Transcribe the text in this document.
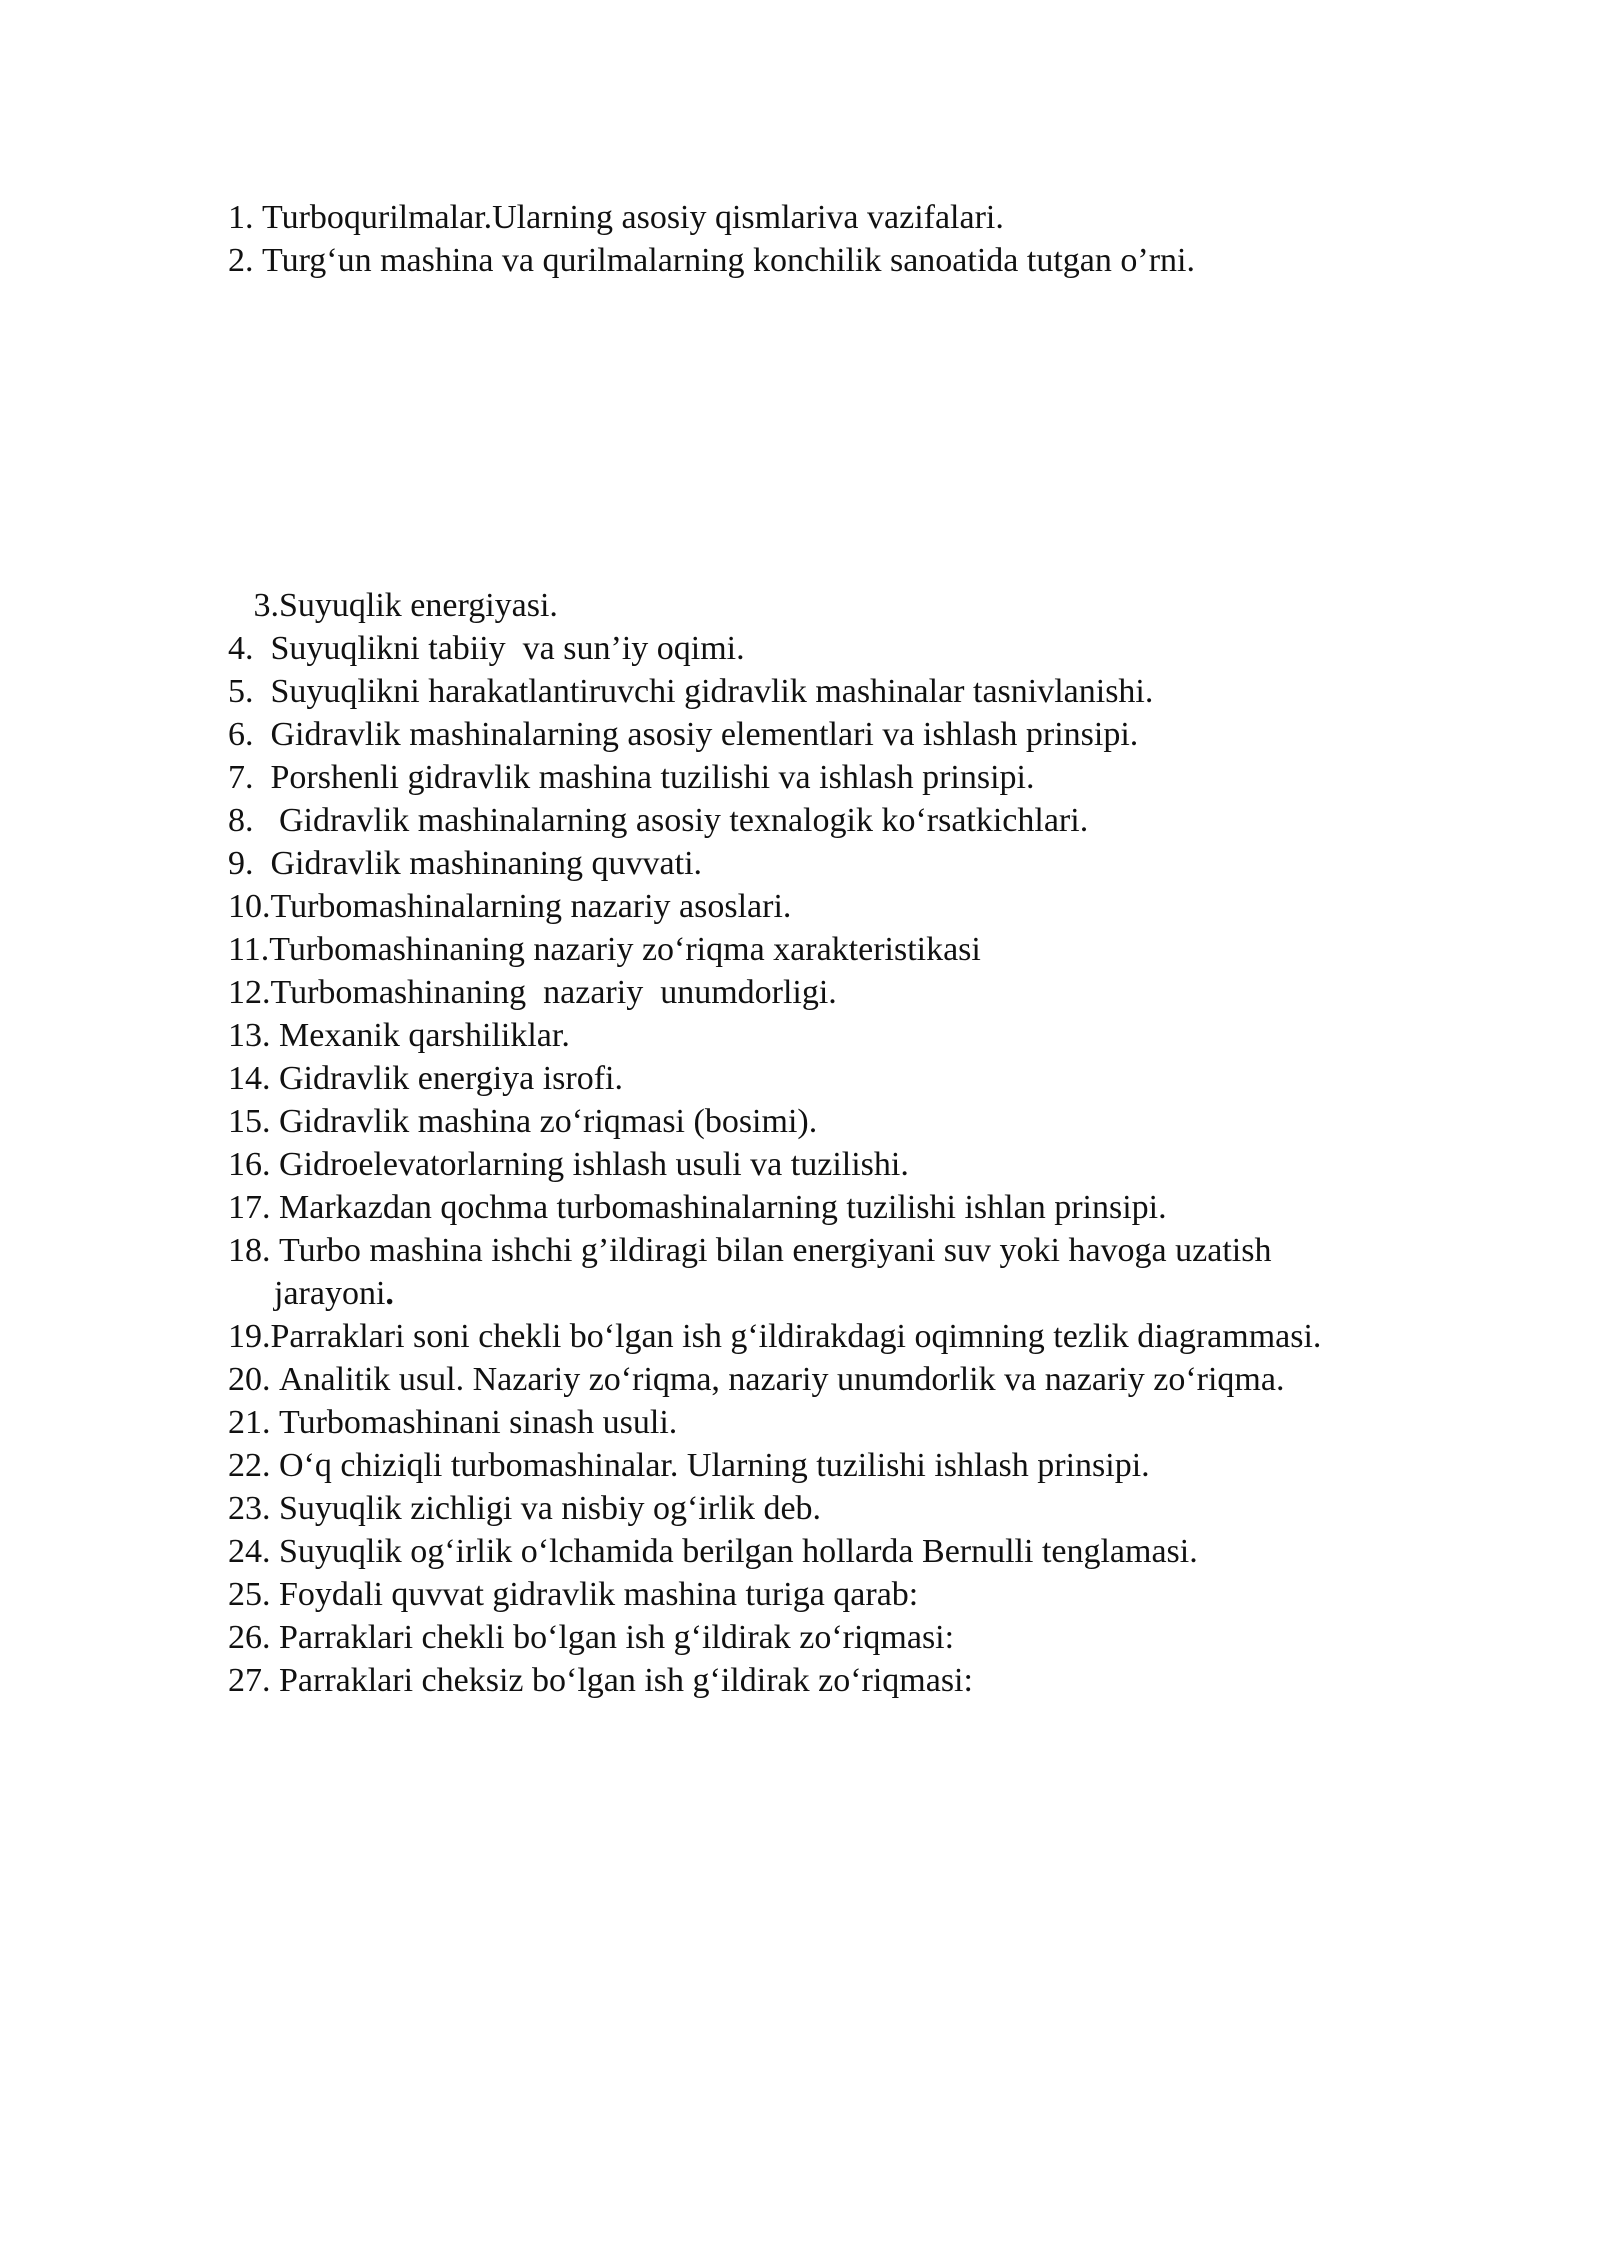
1. Turboqurilmalar.Ularning asosiy qismlariva vazifalari.
2. Turg‘un mashina va qurilmalarning konchilik sanoatida tutgan o’rni.
3.Suyuqlik energiyasi.
4.  Suyuqlikni tabiiy  va sun’iy oqimi.
5.  Suyuqlikni harakatlantiruvchi gidravlik mashinalar tasnivlanishi.
6.  Gidravlik mashinalarning asosiy elementlari va ishlash prinsipi.
7.  Porshenli gidravlik mashina tuzilishi va ishlash prinsipi.
8.   Gidravlik mashinalarning asosiy texnalogik ko‘rsatkichlari.
9.  Gidravlik mashinaning quvvati.
10.Turbomashinalarning nazariy asoslari.
11.Turbomashinaning nazariy zo‘riqma xarakteristikasi
12.Turbomashinaning  nazariy  unumdorligi.
13. Mexanik qarshiliklar.
14. Gidravlik energiya isrofi.
15. Gidravlik mashina zo‘riqmasi (bosimi).
16. Gidroelevatorlarning ishlash usuli va tuzilishi.
17. Markazdan qochma turbomashinalarning tuzilishi ishlan prinsipi.
18. Turbo mashina ishchi g’ildiragi bilan energiyani suv yoki havoga uzatish
jarayoni.
19.Parraklari soni chekli bo‘lgan ish g‘ildirakdagi oqimning tezlik diagrammasi.
20. Analitik usul. Nazariy zo‘riqma, nazariy unumdorlik va nazariy zo‘riqma.
21. Turbomashinani sinash usuli.
22. O‘q chiziqli turbomashinalar. Ularning tuzilishi ishlash prinsipi.
23. Suyuqlik zichligi va nisbiy og‘irlik deb.
24. Suyuqlik og‘irlik o‘lchamida berilgan hollarda Bernulli tenglamasi.
25. Foydali quvvat gidravlik mashina turiga qarab:
26. Parraklari chekli bo‘lgan ish g‘ildirak zo‘riqmasi:
27. Parraklari cheksiz bo‘lgan ish g‘ildirak zo‘riqmasi:
